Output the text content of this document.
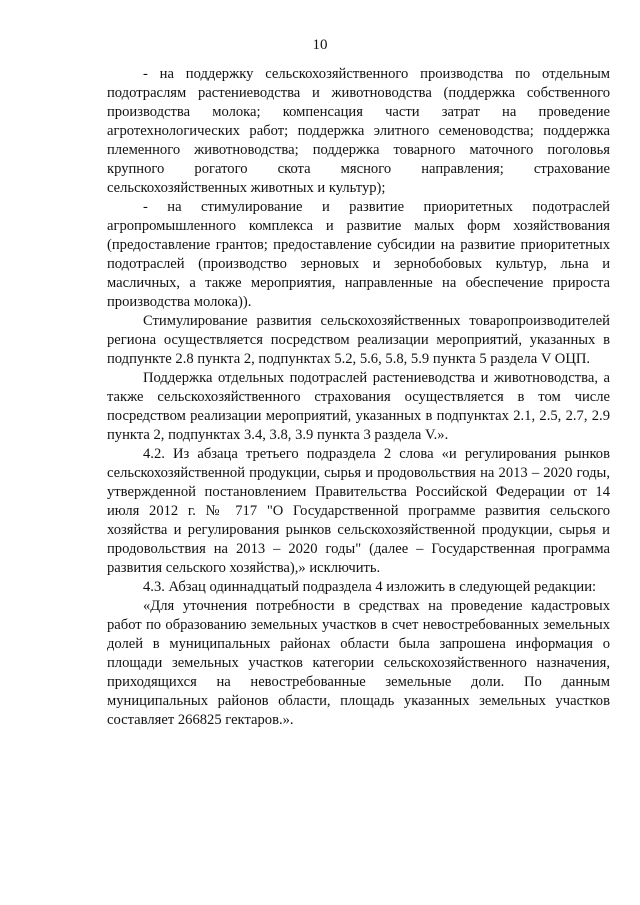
10

- на поддержку сельскохозяйственного производства по отдельным подотраслям растениеводства и животноводства (поддержка собственного производства молока; компенсация части затрат на проведение агротехнологических работ; поддержка элитного семеноводства; поддержка племенного животноводства; поддержка товарного маточного поголовья крупного рогатого скота мясного направления; страхование сельскохозяйственных животных и культур);

- на стимулирование и развитие приоритетных подотраслей агропромышленного комплекса и развитие малых форм хозяйствования (предоставление грантов; предоставление субсидии на развитие приоритетных подотраслей (производство зерновых и зернобобовых культур, льна и масличных, а также мероприятия, направленные на обеспечение прироста производства молока)).

Стимулирование развития сельскохозяйственных товаропроизводителей региона осуществляется посредством реализации мероприятий, указанных в подпункте 2.8 пункта 2, подпунктах 5.2, 5.6, 5.8, 5.9 пункта 5 раздела V ОЦП.

Поддержка отдельных подотраслей растениеводства и животноводства, а также сельскохозяйственного страхования осуществляется в том числе посредством реализации мероприятий, указанных в подпунктах 2.1, 2.5, 2.7, 2.9 пункта 2, подпунктах 3.4, 3.8, 3.9 пункта 3 раздела V.».

4.2. Из абзаца третьего подраздела 2 слова «и регулирования рынков сельскохозяйственной продукции, сырья и продовольствия на 2013 – 2020 годы, утвержденной постановлением Правительства Российской Федерации от 14 июля 2012 г. № 717 "О Государственной программе развития сельского хозяйства и регулирования рынков сельскохозяйственной продукции, сырья и продовольствия на 2013 – 2020 годы" (далее – Государственная программа развития сельского хозяйства),» исключить.

4.3. Абзац одиннадцатый подраздела 4 изложить в следующей редакции:

«Для уточнения потребности в средствах на проведение кадастровых работ по образованию земельных участков в счет невостребованных земельных долей в муниципальных районах области была запрошена информация о площади земельных участков категории сельскохозяйственного назначения, приходящихся на невостребованные земельные доли. По данным муниципальных районов области, площадь указанных земельных участков составляет 266825 гектаров.».
